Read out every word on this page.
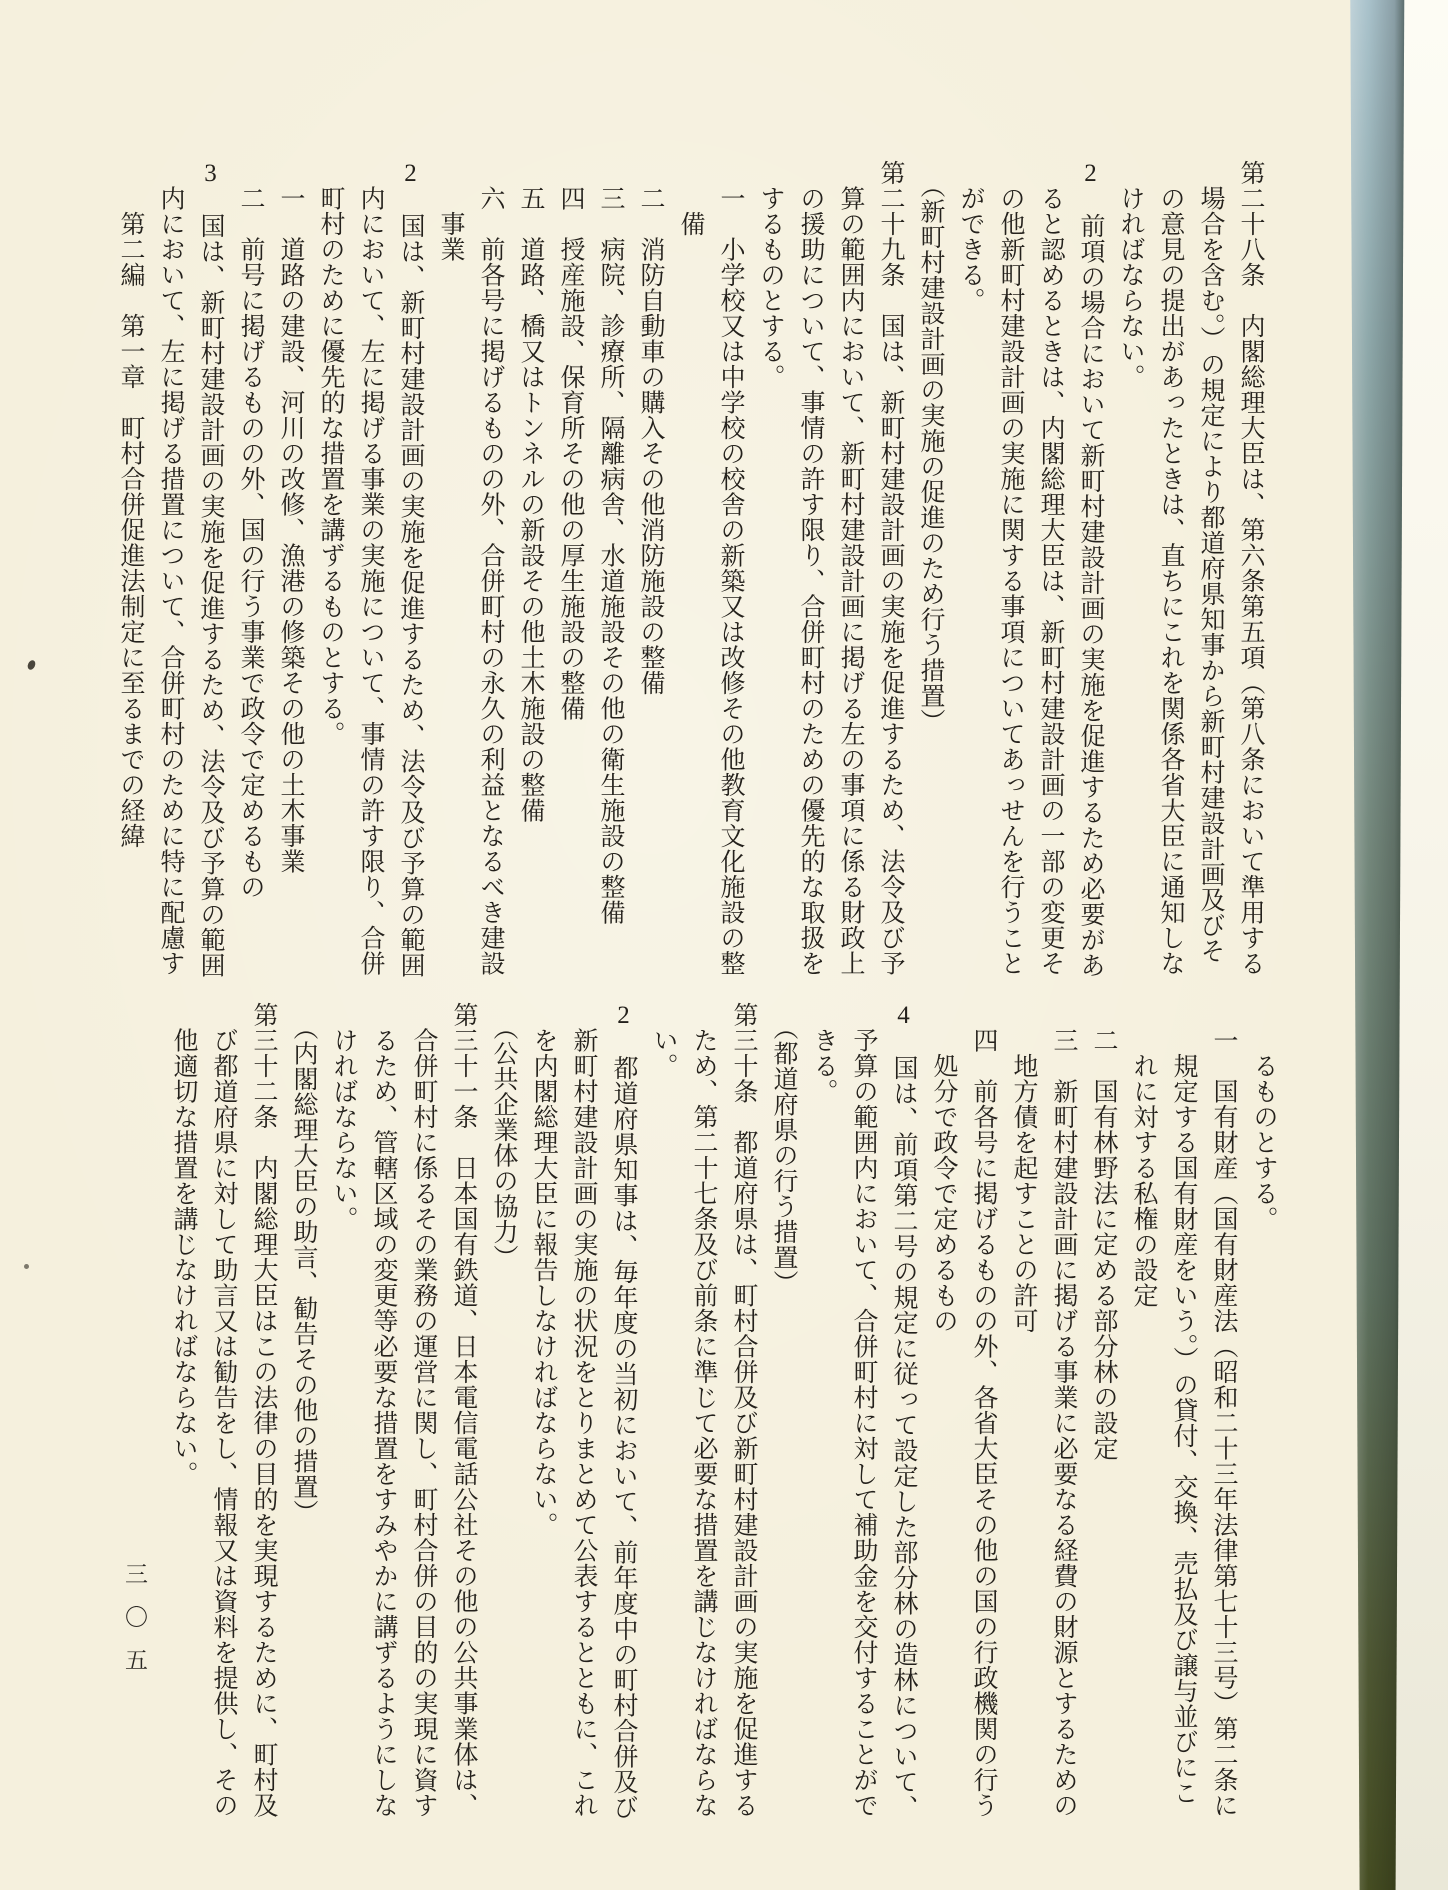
第二十八条　内閣総理大臣は、第六条第五項（第八条において準用する
　場合を含む。）の規定により都道府県知事から新町村建設計画及びそ
　の意見の提出があったときは、直ちにこれを関係各省大臣に通知しな
　ければならない。
2　前項の場合において新町村建設計画の実施を促進するため必要があ
　ると認めるときは、内閣総理大臣は、新町村建設計画の一部の変更そ
　の他新町村建設計画の実施に関する事項についてあっせんを行うこと
　ができる。
　（新町村建設計画の実施の促進のため行う措置）
第二十九条　国は、新町村建設計画の実施を促進するため、法令及び予
　算の範囲内において、新町村建設計画に掲げる左の事項に係る財政上
　の援助について、事情の許す限り、合併町村のための優先的な取扱を
　するものとする。
　一　小学校又は中学校の校舎の新築又は改修その他教育文化施設の整
　　備
　二　消防自動車の購入その他消防施設の整備
　三　病院、診療所、隔離病舎、水道施設その他の衛生施設の整備
　四　授産施設、保育所その他の厚生施設の整備
　五　道路、橋又はトンネルの新設その他土木施設の整備
　六　前各号に掲げるものの外、合併町村の永久の利益となるべき建設
　　事業
2　国は、新町村建設計画の実施を促進するため、法令及び予算の範囲
　内において、左に掲げる事業の実施について、事情の許す限り、合併
　町村のために優先的な措置を講ずるものとする。
　一　道路の建設、河川の改修、漁港の修築その他の土木事業
　二　前号に掲げるものの外、国の行う事業で政令で定めるもの
3　国は、新町村建設計画の実施を促進するため、法令及び予算の範囲
　内において、左に掲げる措置について、合併町村のために特に配慮す
　　第二編　第一章　町村合併促進法制定に至るまでの経緯
　　るものとする。
　一　国有財産（国有財産法（昭和二十三年法律第七十三号）第二条に
　　規定する国有財産をいう。）の貸付、交換、売払及び譲与並びにこ
　　れに対する私権の設定
　二　国有林野法に定める部分林の設定
　三　新町村建設計画に掲げる事業に必要なる経費の財源とするための
　　地方債を起すことの許可
　四　前各号に掲げるものの外、各省大臣その他の国の行政機関の行う
　　処分で政令で定めるもの
4　国は、前項第二号の規定に従って設定した部分林の造林について、
　予算の範囲内において、合併町村に対して補助金を交付することがで
　きる。
　（都道府県の行う措置）
第三十条　都道府県は、町村合併及び新町村建設計画の実施を促進する
　ため、第二十七条及び前条に準じて必要な措置を講じなければならな
　い。
2　都道府県知事は、毎年度の当初において、前年度中の町村合併及び
　新町村建設計画の実施の状況をとりまとめて公表するとともに、これ
　を内閣総理大臣に報告しなければならない。
　（公共企業体の協力）
第三十一条　日本国有鉄道、日本電信電話公社その他の公共事業体は、
　合併町村に係るその業務の運営に関し、町村合併の目的の実現に資す
　るため、管轄区域の変更等必要な措置をすみやかに講ずるようにしな
　ければならない。
　（内閣総理大臣の助言、勧告その他の措置）
第三十二条　内閣総理大臣はこの法律の目的を実現するために、町村及
　び都道府県に対して助言又は勧告をし、情報又は資料を提供し、その
　他適切な措置を講じなければならない。
三〇五
